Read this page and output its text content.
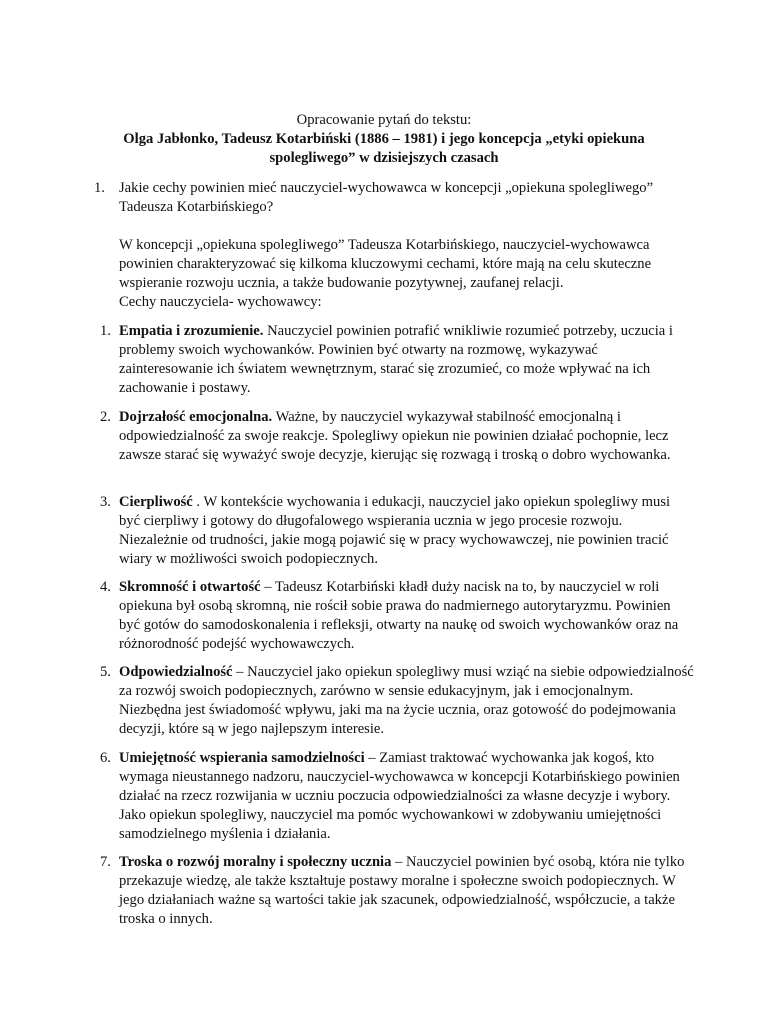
Opracowanie pytań do tekstu:
Olga Jabłonko, Tadeusz Kotarbiński (1886 – 1981) i jego koncepcja „etyki opiekuna spolegliwego” w dzisiejszych czasach
1. Jakie cechy powinien mieć nauczyciel-wychowawca w koncepcji „opiekuna spolegliwego” Tadeusza Kotarbińskiego?
W koncepcji „opiekuna spolegliwego” Tadeusza Kotarbińskiego, nauczyciel-wychowawca powinien charakteryzować się kilkoma kluczowymi cechami, które mają na celu skuteczne wspieranie rozwoju ucznia, a także budowanie pozytywnej, zaufanej relacji.
Cechy nauczyciela- wychowawcy:
1. Empatia i zrozumienie. Nauczyciel powinien potrafić wnikliwie rozumieć potrzeby, uczucia i problemy swoich wychowanków. Powinien być otwarty na rozmowę, wykazywać zainteresowanie ich światem wewnętrznym, starać się zrozumieć, co może wpływać na ich zachowanie i postawy.
2. Dojrzałość emocjonalna. Ważne, by nauczyciel wykazywał stabilność emocjonalną i odpowiedzialność za swoje reakcje. Spolegliwy opiekun nie powinien działać pochopnie, lecz zawsze starać się wyważyć swoje decyzje, kierując się rozwagą i troską o dobro wychowanka.
3. Cierpliwość . W kontekście wychowania i edukacji, nauczyciel jako opiekun spolegliwy musi być cierpliwy i gotowy do długofalowego wspierania ucznia w jego procesie rozwoju. Niezależnie od trudności, jakie mogą pojawić się w pracy wychowawczej, nie powinien tracić wiary w możliwości swoich podopiecznych.
4. Skromność i otwartość – Tadeusz Kotarbiński kładł duży nacisk na to, by nauczyciel w roli opiekuna był osobą skromną, nie rościł sobie prawa do nadmiernego autorytaryzmu. Powinien być gotów do samodoskonalenia i refleksji, otwarty na naukę od swoich wychowanków oraz na różnorodność podejść wychowawczych.
5. Odpowiedzialność – Nauczyciel jako opiekun spolegliwy musi wziąć na siebie odpowiedzialność za rozwój swoich podopiecznych, zarówno w sensie edukacyjnym, jak i emocjonalnym. Niezbędna jest świadomość wpływu, jaki ma na życie ucznia, oraz gotowość do podejmowania decyzji, które są w jego najlepszym interesie.
6. Umiejętność wspierania samodzielności – Zamiast traktować wychowanka jak kogoś, kto wymaga nieustannego nadzoru, nauczyciel-wychowawca w koncepcji Kotarbińskiego powinien działać na rzecz rozwijania w uczniu poczucia odpowiedzialności za własne decyzje i wybory. Jako opiekun spolegliwy, nauczyciel ma pomóc wychowankowi w zdobywaniu umiejętności samodzielnego myślenia i działania.
7. Troska o rozwój moralny i społeczny ucznia – Nauczyciel powinien być osobą, która nie tylko przekazuje wiedzę, ale także kształtuje postawy moralne i społeczne swoich podopiecznych. W jego działaniach ważne są wartości takie jak szacunek, odpowiedzialność, współczucie, a także troska o innych.
